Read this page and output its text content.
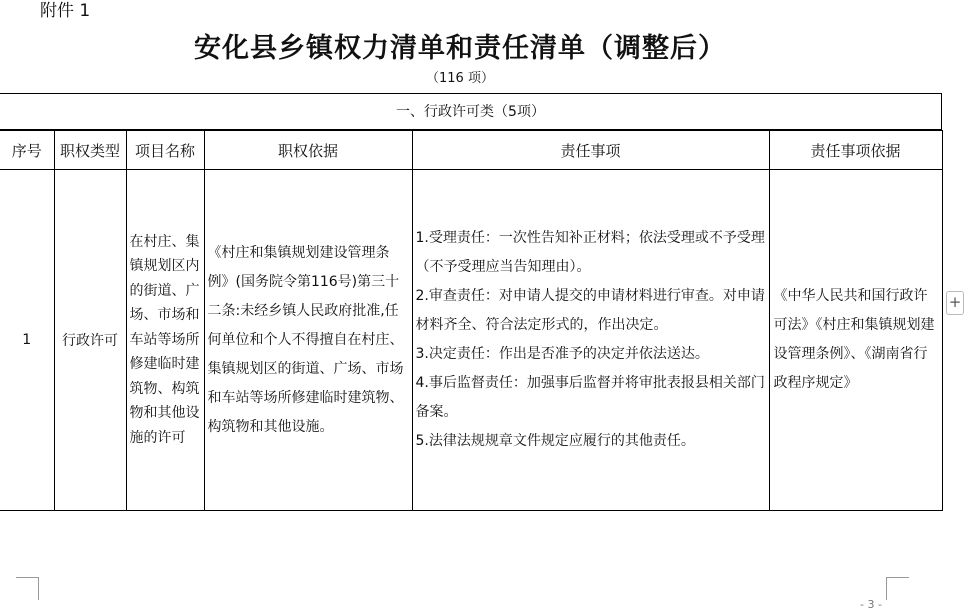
附件 1
安化县乡镇权力清单和责任清单（调整后）
（116 项）
一、行政许可类（5项）
序号	职权类型	项目名称	职权依据	责任事项	责任事项依据
1	行政许可	在村庄、集镇规划区内的街道、广场、市场和车站等场所修建临时建筑物、构筑物和其他设施的许可	《村庄和集镇规划建设管理条例》(国务院令第116号)第三十二条:未经乡镇人民政府批准,任何单位和个人不得擅自在村庄、集镇规划区的街道、广场、市场和车站等场所修建临时建筑物、构筑物和其他设施。	1.受理责任：一次性告知补正材料；依法受理或不予受理（不予受理应当告知理由）。
2.审查责任：对申请人提交的申请材料进行审查。对申请材料齐全、符合法定形式的，作出决定。
3.决定责任：作出是否准予的决定并依法送达。
4.事后监督责任：加强事后监督并将审批表报县相关部门备案。
5.法律法规规章文件规定应履行的其他责任。	《中华人民共和国行政许可法》《村庄和集镇规划建设管理条例》、《湖南省行政程序规定》
+
- 3 -
